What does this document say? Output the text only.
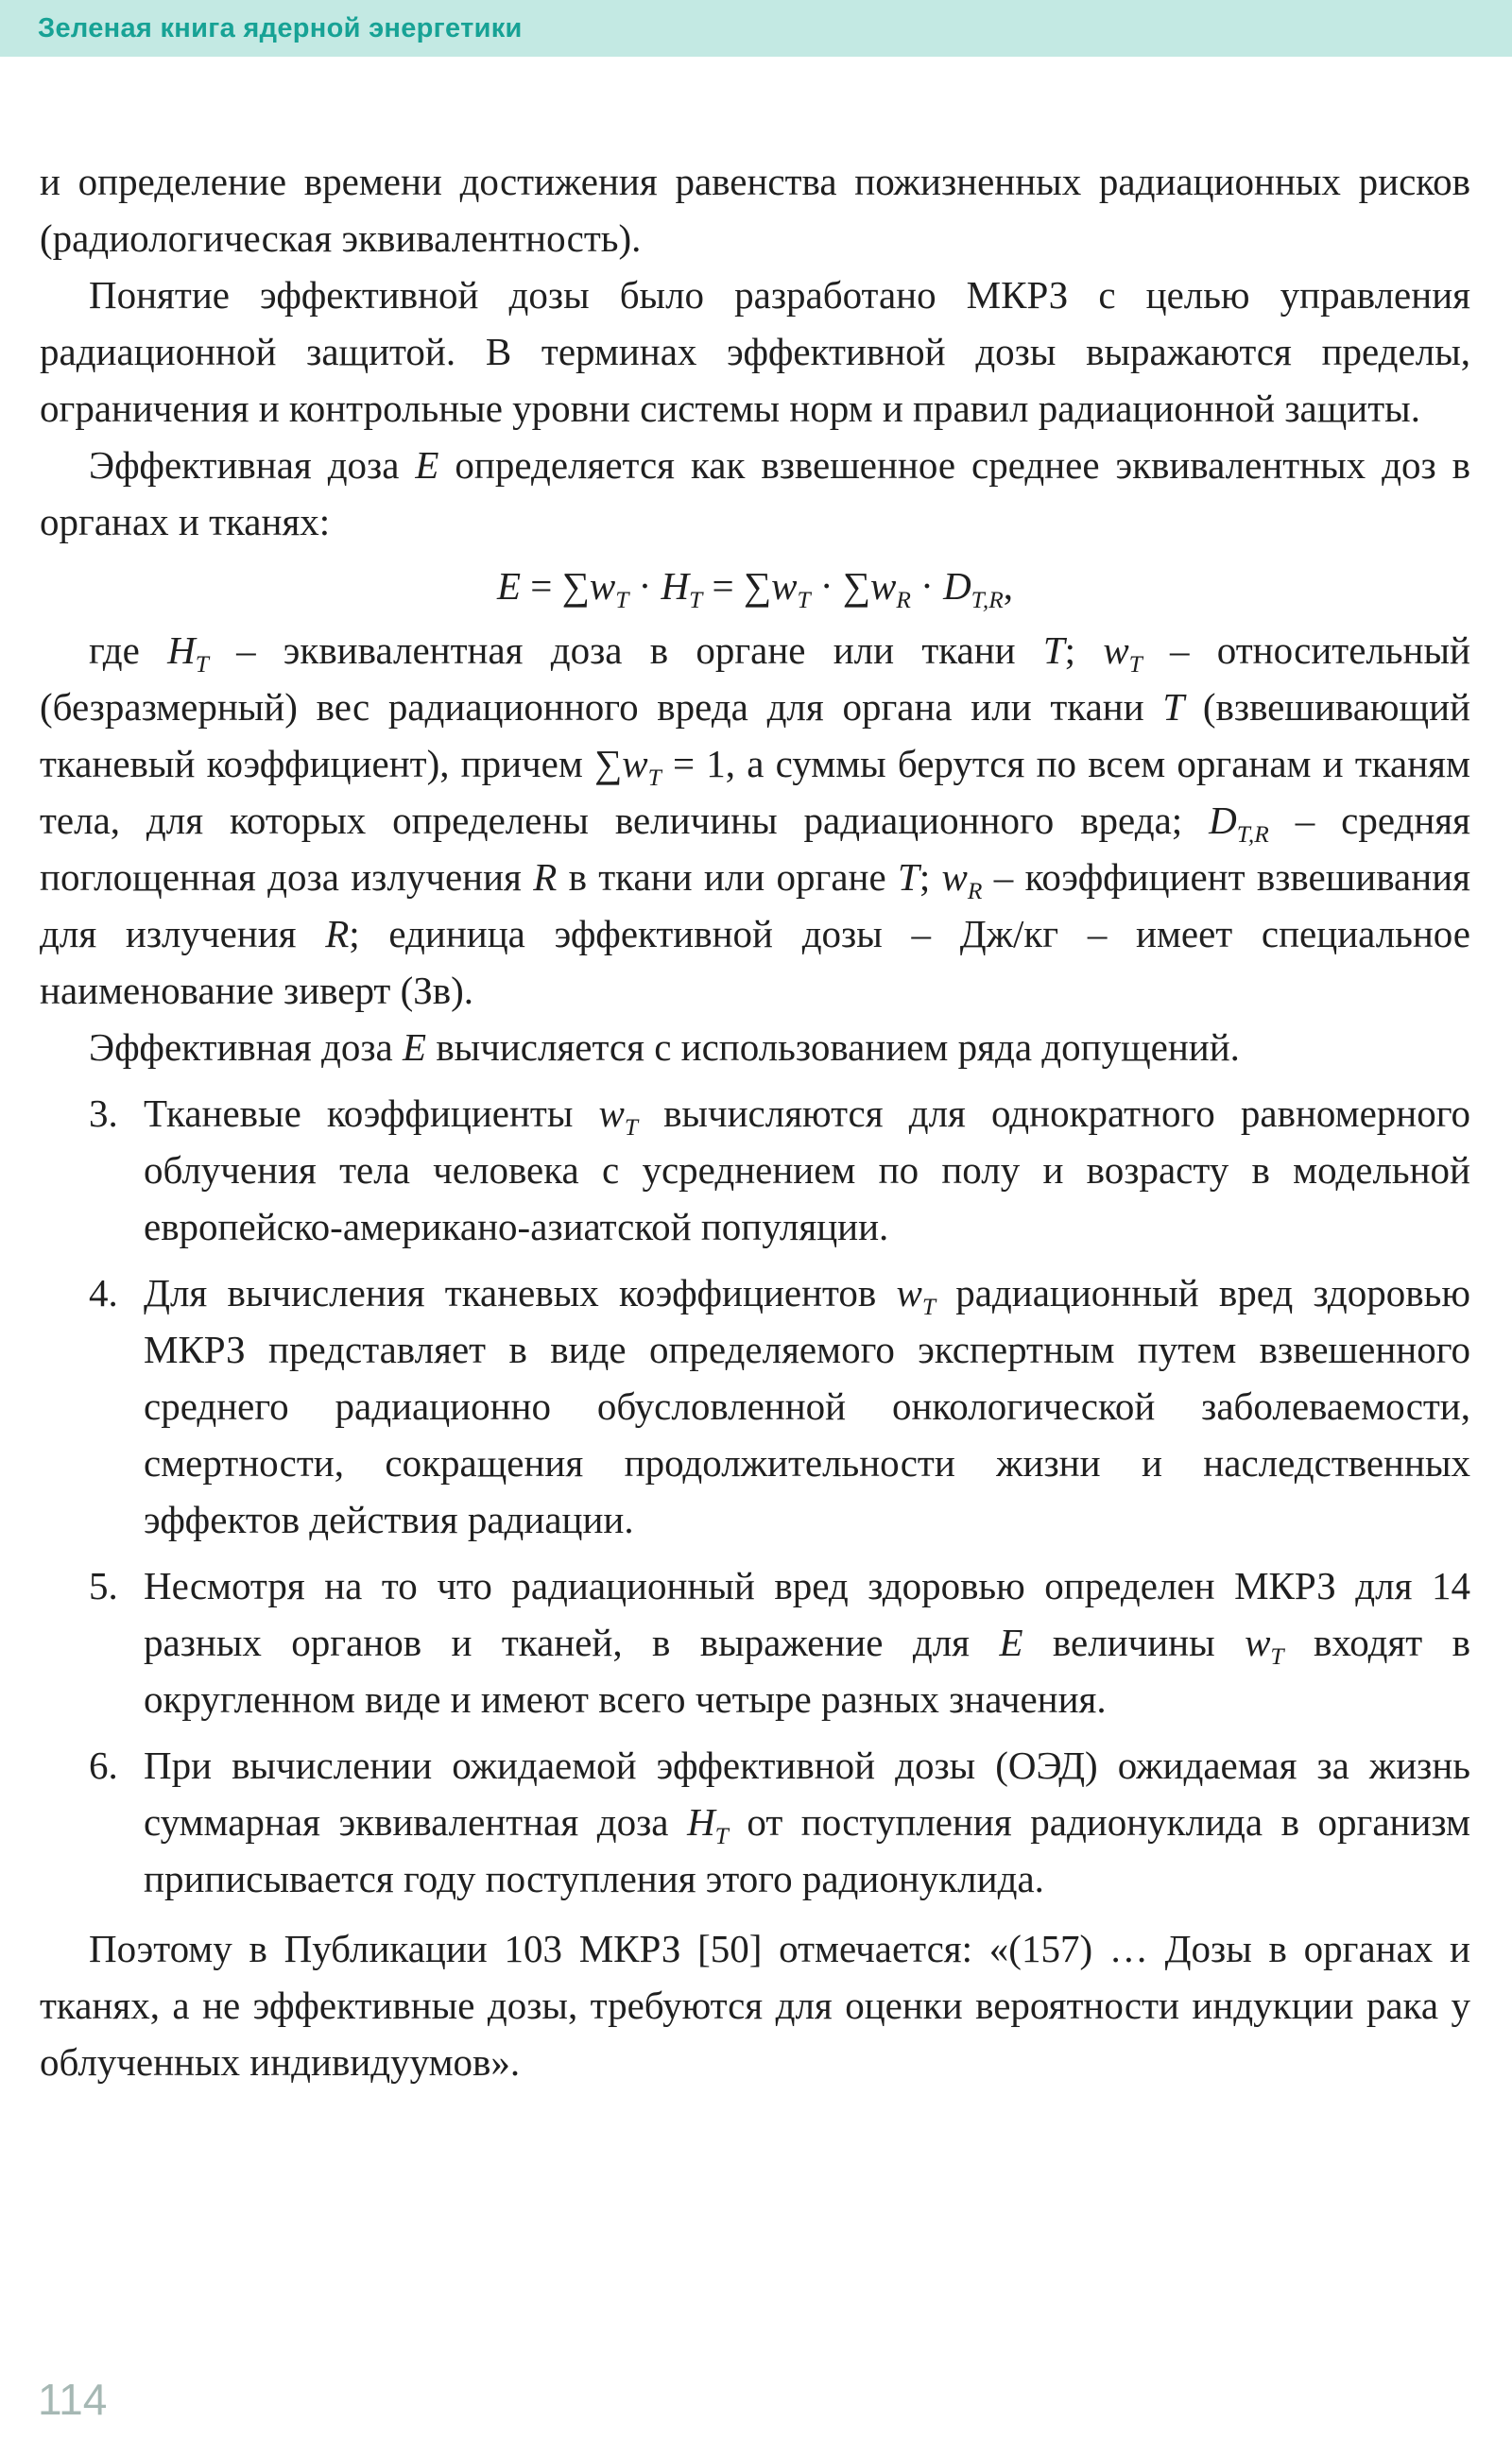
Зеленая книга ядерной энергетики

и определение времени достижения равенства пожизненных радиационных рисков (радиологическая эквивалентность).

Понятие эффективной дозы было разработано МКРЗ с целью управления радиационной защитой. В терминах эффективной дозы выражаются пределы, ограничения и контрольные уровни системы норм и правил радиационной защиты.

Эффективная доза E определяется как взвешенное среднее эквивалентных доз в органах и тканях:

$E = \sum w_T \cdot H_T = \sum w_T \cdot \sum w_R \cdot D_{T,R}$,

где $H_T$ – эквивалентная доза в органе или ткани T; $w_T$ – относительный (безразмерный) вес радиационного вреда для органа или ткани T (взвешивающий тканевый коэффициент), причем $\sum w_T = 1$, а суммы берутся по всем органам и тканям тела, для которых определены величины радиационного вреда; $D_{T,R}$ – средняя поглощенная доза излучения R в ткани или органе T; $w_R$ – коэффициент взвешивания для излучения R; единица эффективной дозы – Дж/кг – имеет специальное наименование зиверт (Зв).

Эффективная доза E вычисляется с использованием ряда допущений.

3. Тканевые коэффициенты $w_T$ вычисляются для однократного равномерного облучения тела человека с усреднением по полу и возрасту в модельной европейско-американо-азиатской популяции.
4. Для вычисления тканевых коэффициентов $w_T$ радиационный вред здоровью МКРЗ представляет в виде определяемого экспертным путем взвешенного среднего радиационно обусловленной онкологической заболеваемости, смертности, сокращения продолжительности жизни и наследственных эффектов действия радиации.
5. Несмотря на то что радиационный вред здоровью определен МКРЗ для 14 разных органов и тканей, в выражение для E величины $w_T$ входят в округленном виде и имеют всего четыре разных значения.
6. При вычислении ожидаемой эффективной дозы (ОЭД) ожидаемая за жизнь суммарная эквивалентная доза $H_T$ от поступления радионуклида в организм приписывается году поступления этого радионуклида.

Поэтому в Публикации 103 МКРЗ [50] отмечается: «(157) … Дозы в органах и тканях, а не эффективные дозы, требуются для оценки вероятности индукции рака у облученных индивидуумов».

114
